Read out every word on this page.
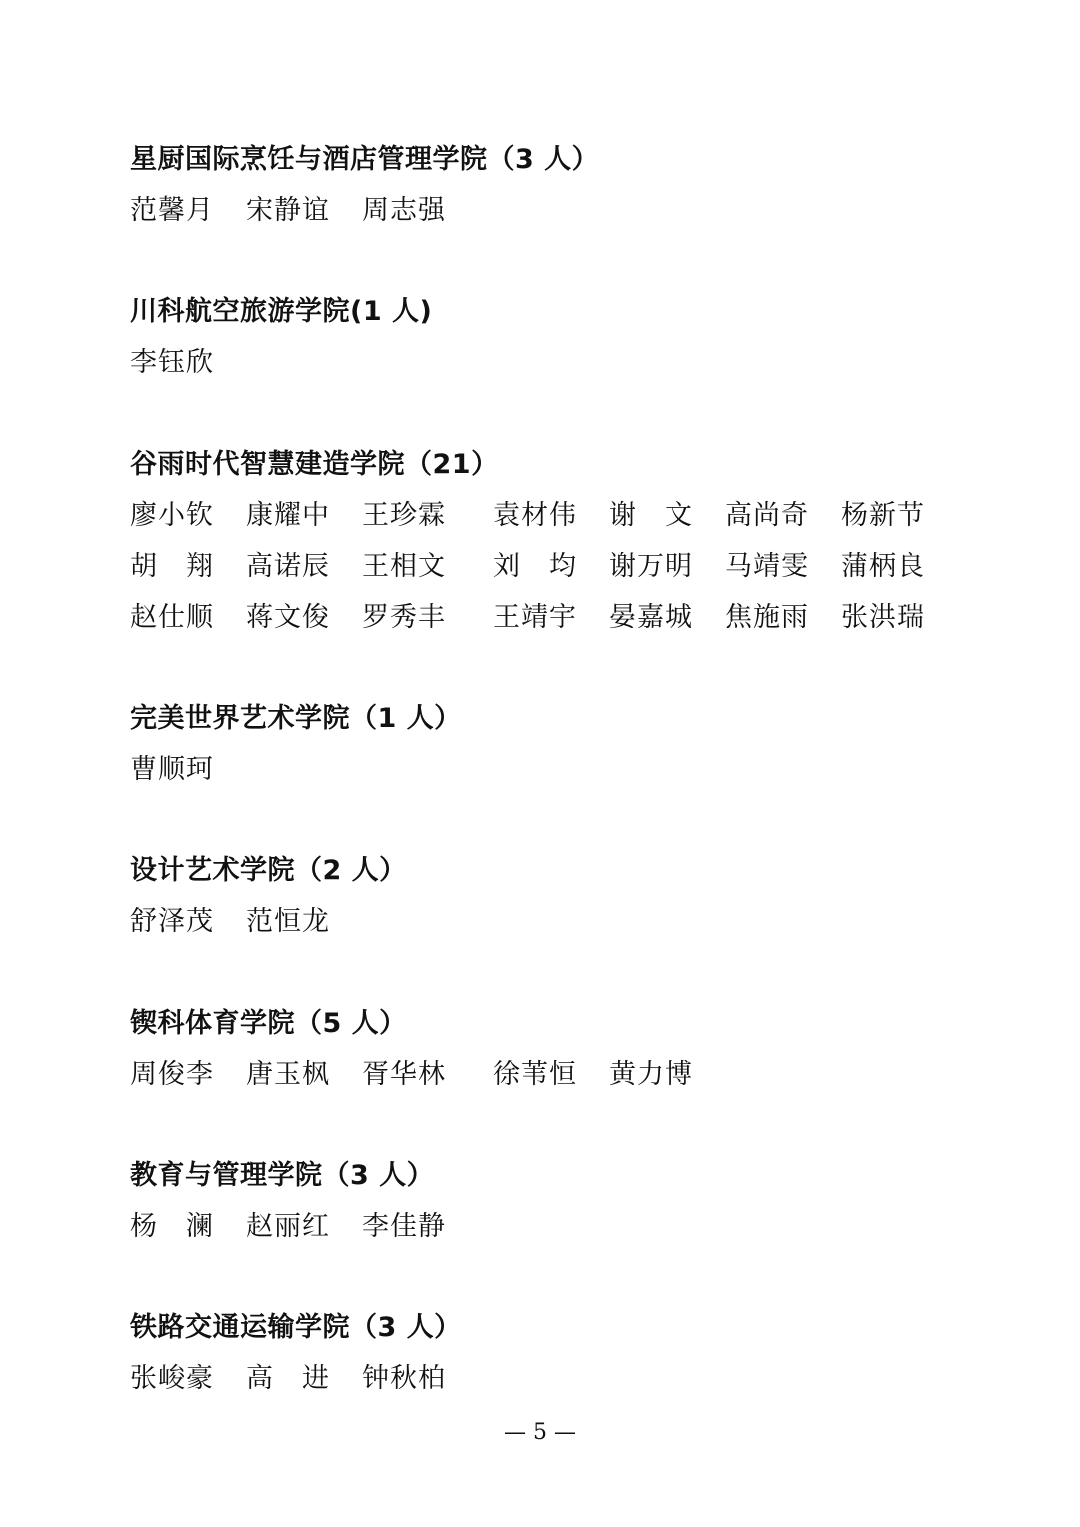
星厨国际烹饪与酒店管理学院（3 人）
范馨月 宋静谊 周志强
川科航空旅游学院(1 人)
李钰欣
谷雨时代智慧建造学院（21）
廖小钦 康耀中 王珍霖 袁材伟 谢　文 高尚奇 杨新节
胡　翔 高诺辰 王相文 刘　均 谢万明 马靖雯 蒲柄良
赵仕顺 蒋文俊 罗秀丰 王靖宇 晏嘉城 焦施雨 张洪瑞
完美世界艺术学院（1 人）
曹顺珂
设计艺术学院（2 人）
舒泽茂 范恒龙
锲科体育学院（5 人）
周俊李 唐玉枫 胥华林 徐苇恒 黄力博
教育与管理学院（3 人）
杨　澜 赵丽红 李佳静
铁路交通运输学院（3 人）
张峻豪 高　进 钟秋柏
— 5 —
